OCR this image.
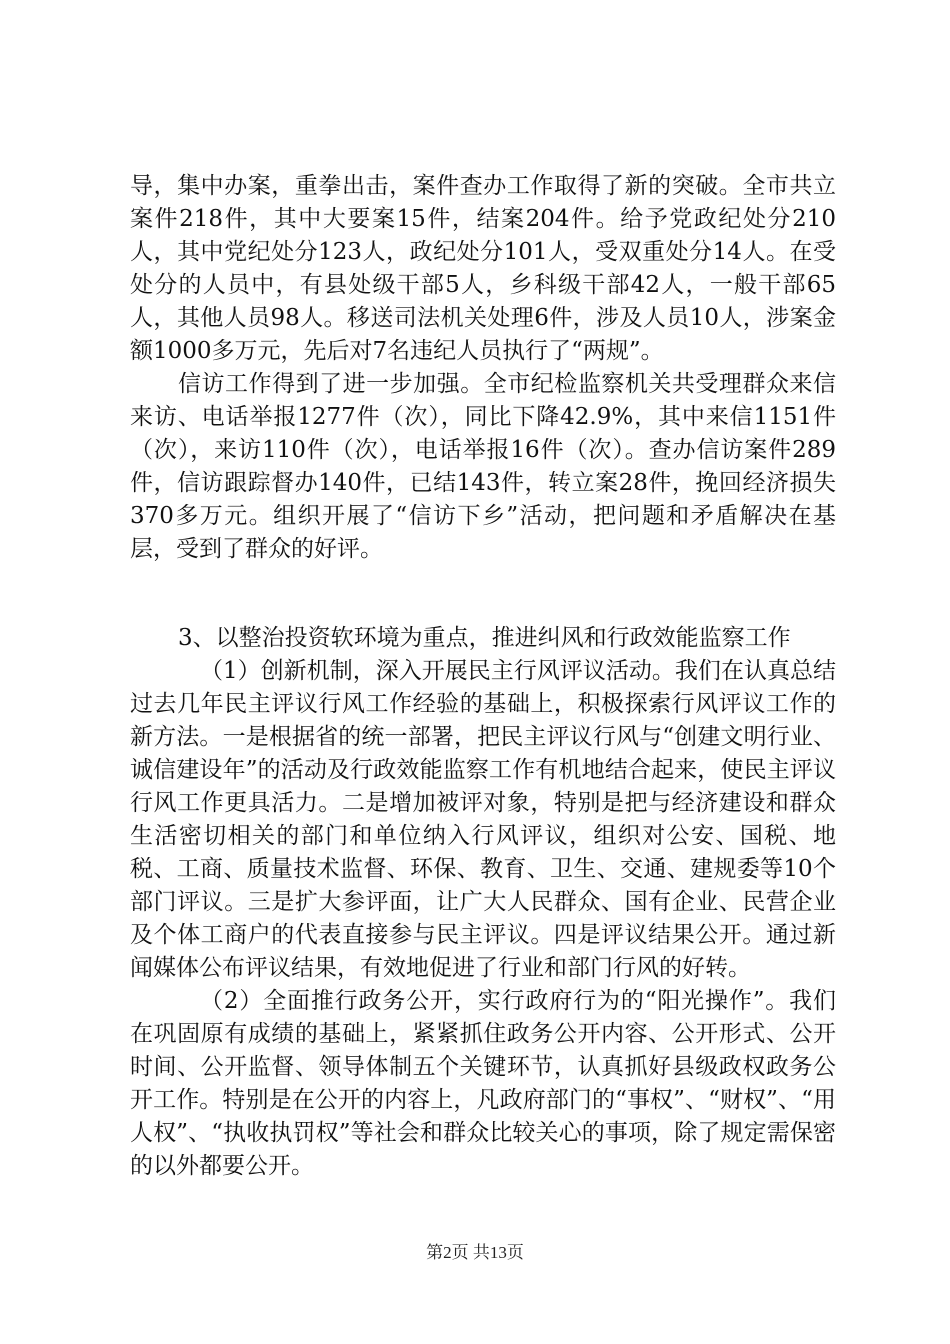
导，集中办案，重拳出击，案件查办工作取得了新的突破。全市共立案件218件，其中大要案15件，结案204件。给予党政纪处分210人，其中党纪处分123人，政纪处分101人，受双重处分14人。在受处分的人员中，有县处级干部5人，乡科级干部42人，一般干部65人，其他人员98人。移送司法机关处理6件，涉及人员10人，涉案金额1000多万元，先后对7名违纪人员执行了“两规”。

信访工作得到了进一步加强。全市纪检监察机关共受理群众来信来访、电话举报1277件（次），同比下降42.9%，其中来信1151件（次），来访110件（次），电话举报16件（次）。查办信访案件289件，信访跟踪督办140件，已结143件，转立案28件，挽回经济损失370多万元。组织开展了“信访下乡”活动，把问题和矛盾解决在基层，受到了群众的好评。

3、以整治投资软环境为重点，推进纠风和行政效能监察工作

（1）创新机制，深入开展民主行风评议活动。我们在认真总结过去几年民主评议行风工作经验的基础上，积极探索行风评议工作的新方法。一是根据省的统一部署，把民主评议行风与“创建文明行业、诚信建设年”的活动及行政效能监察工作有机地结合起来，使民主评议行风工作更具活力。二是增加被评对象，特别是把与经济建设和群众生活密切相关的部门和单位纳入行风评议，组织对公安、国税、地税、工商、质量技术监督、环保、教育、卫生、交通、建规委等10个部门评议。三是扩大参评面，让广大人民群众、国有企业、民营企业及个体工商户的代表直接参与民主评议。四是评议结果公开。通过新闻媒体公布评议结果，有效地促进了行业和部门行风的好转。

（2）全面推行政务公开，实行政府行为的“阳光操作”。我们在巩固原有成绩的基础上，紧紧抓住政务公开内容、公开形式、公开时间、公开监督、领导体制五个关键环节，认真抓好县级政权政务公开工作。特别是在公开的内容上，凡政府部门的“事权”、“财权”、“用人权”、“执收执罚权”等社会和群众比较关心的事项，除了规定需保密的以外都要公开。

第2页 共13页
